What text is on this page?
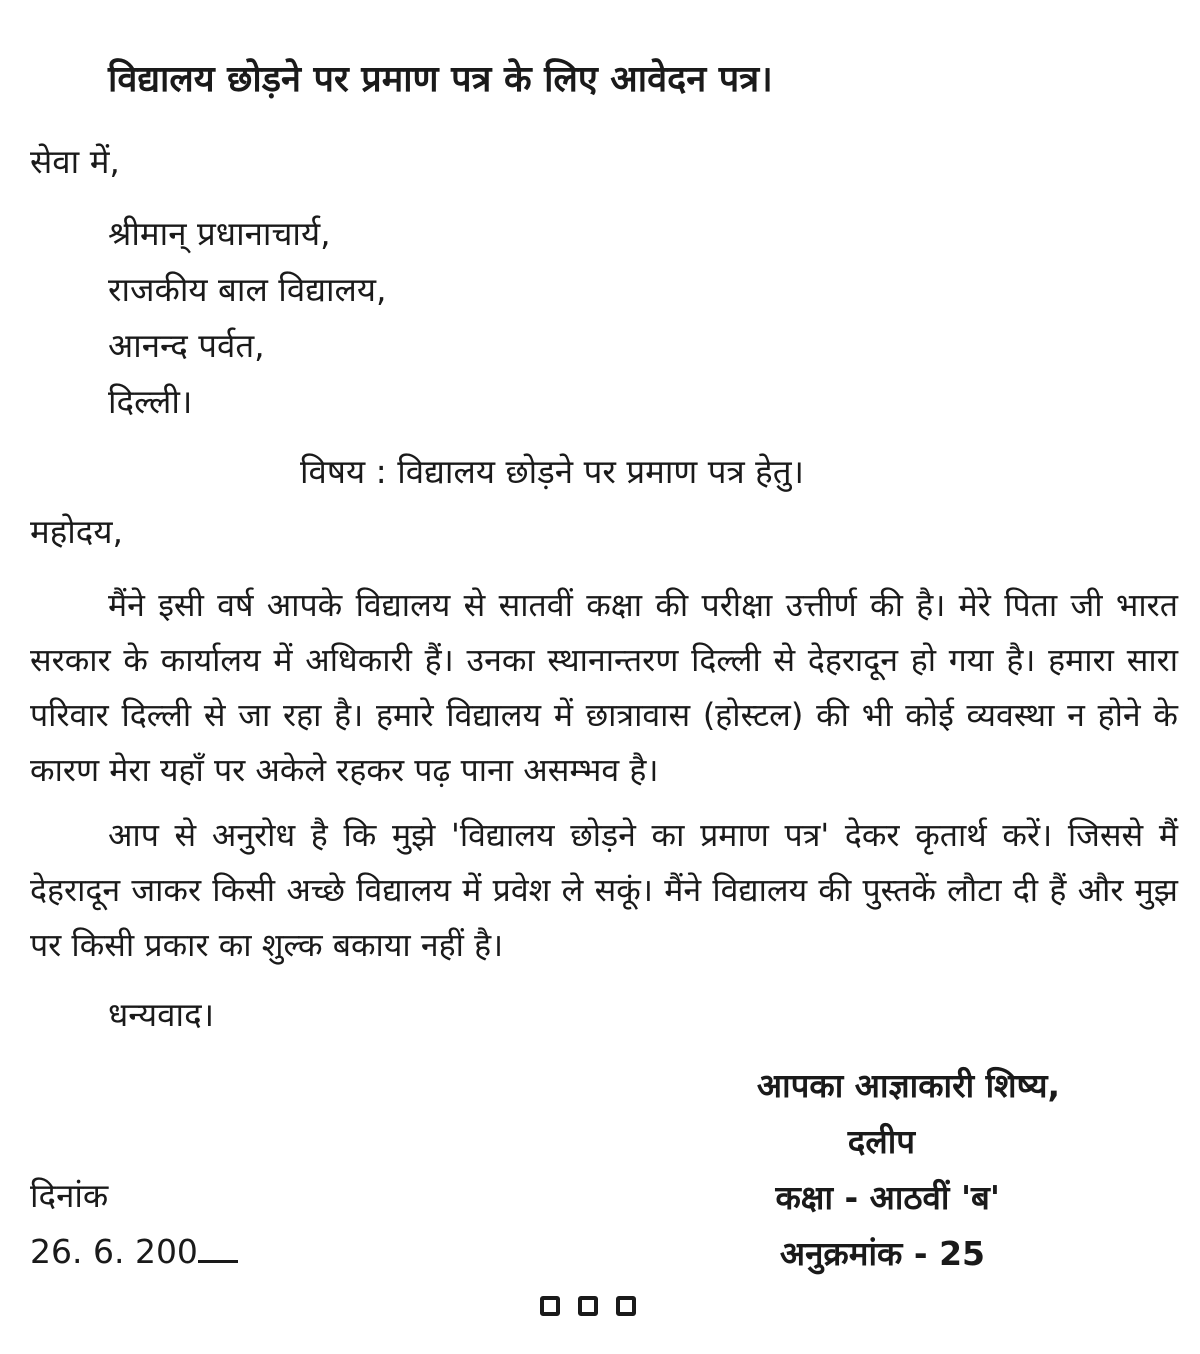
विद्यालय छोड़ने पर प्रमाण पत्र के लिए आवेदन पत्र।
सेवा में,
श्रीमान् प्रधानाचार्य,
राजकीय बाल विद्यालय,
आनन्द पर्वत,
दिल्ली।
विषय : विद्यालय छोड़ने पर प्रमाण पत्र हेतु।
महोदय,
मैंने इसी वर्ष आपके विद्यालय से सातवीं कक्षा की परीक्षा उत्तीर्ण की है। मेरे पिता जी भारत सरकार के कार्यालय में अधिकारी हैं। उनका स्थानान्तरण दिल्ली से देहरादून हो गया है। हमारा सारा परिवार दिल्ली से जा रहा है। हमारे विद्यालय में छात्रावास (होस्टल) की भी कोई व्यवस्था न होने के कारण मेरा यहाँ पर अकेले रहकर पढ़ पाना असम्भव है।
आप से अनुरोध है कि मुझे 'विद्यालय छोड़ने का प्रमाण पत्र' देकर कृतार्थ करें। जिससे मैं देहरादून जाकर किसी अच्छे विद्यालय में प्रवेश ले सकूं। मैंने विद्यालय की पुस्तकें लौटा दी हैं और मुझ पर किसी प्रकार का शुल्क बकाया नहीं है।
धन्यवाद।
आपका आज्ञाकारी शिष्य,
दलीप
कक्षा - आठवीं 'ब'
अनुक्रमांक - 25
दिनांक
26. 6. 200
